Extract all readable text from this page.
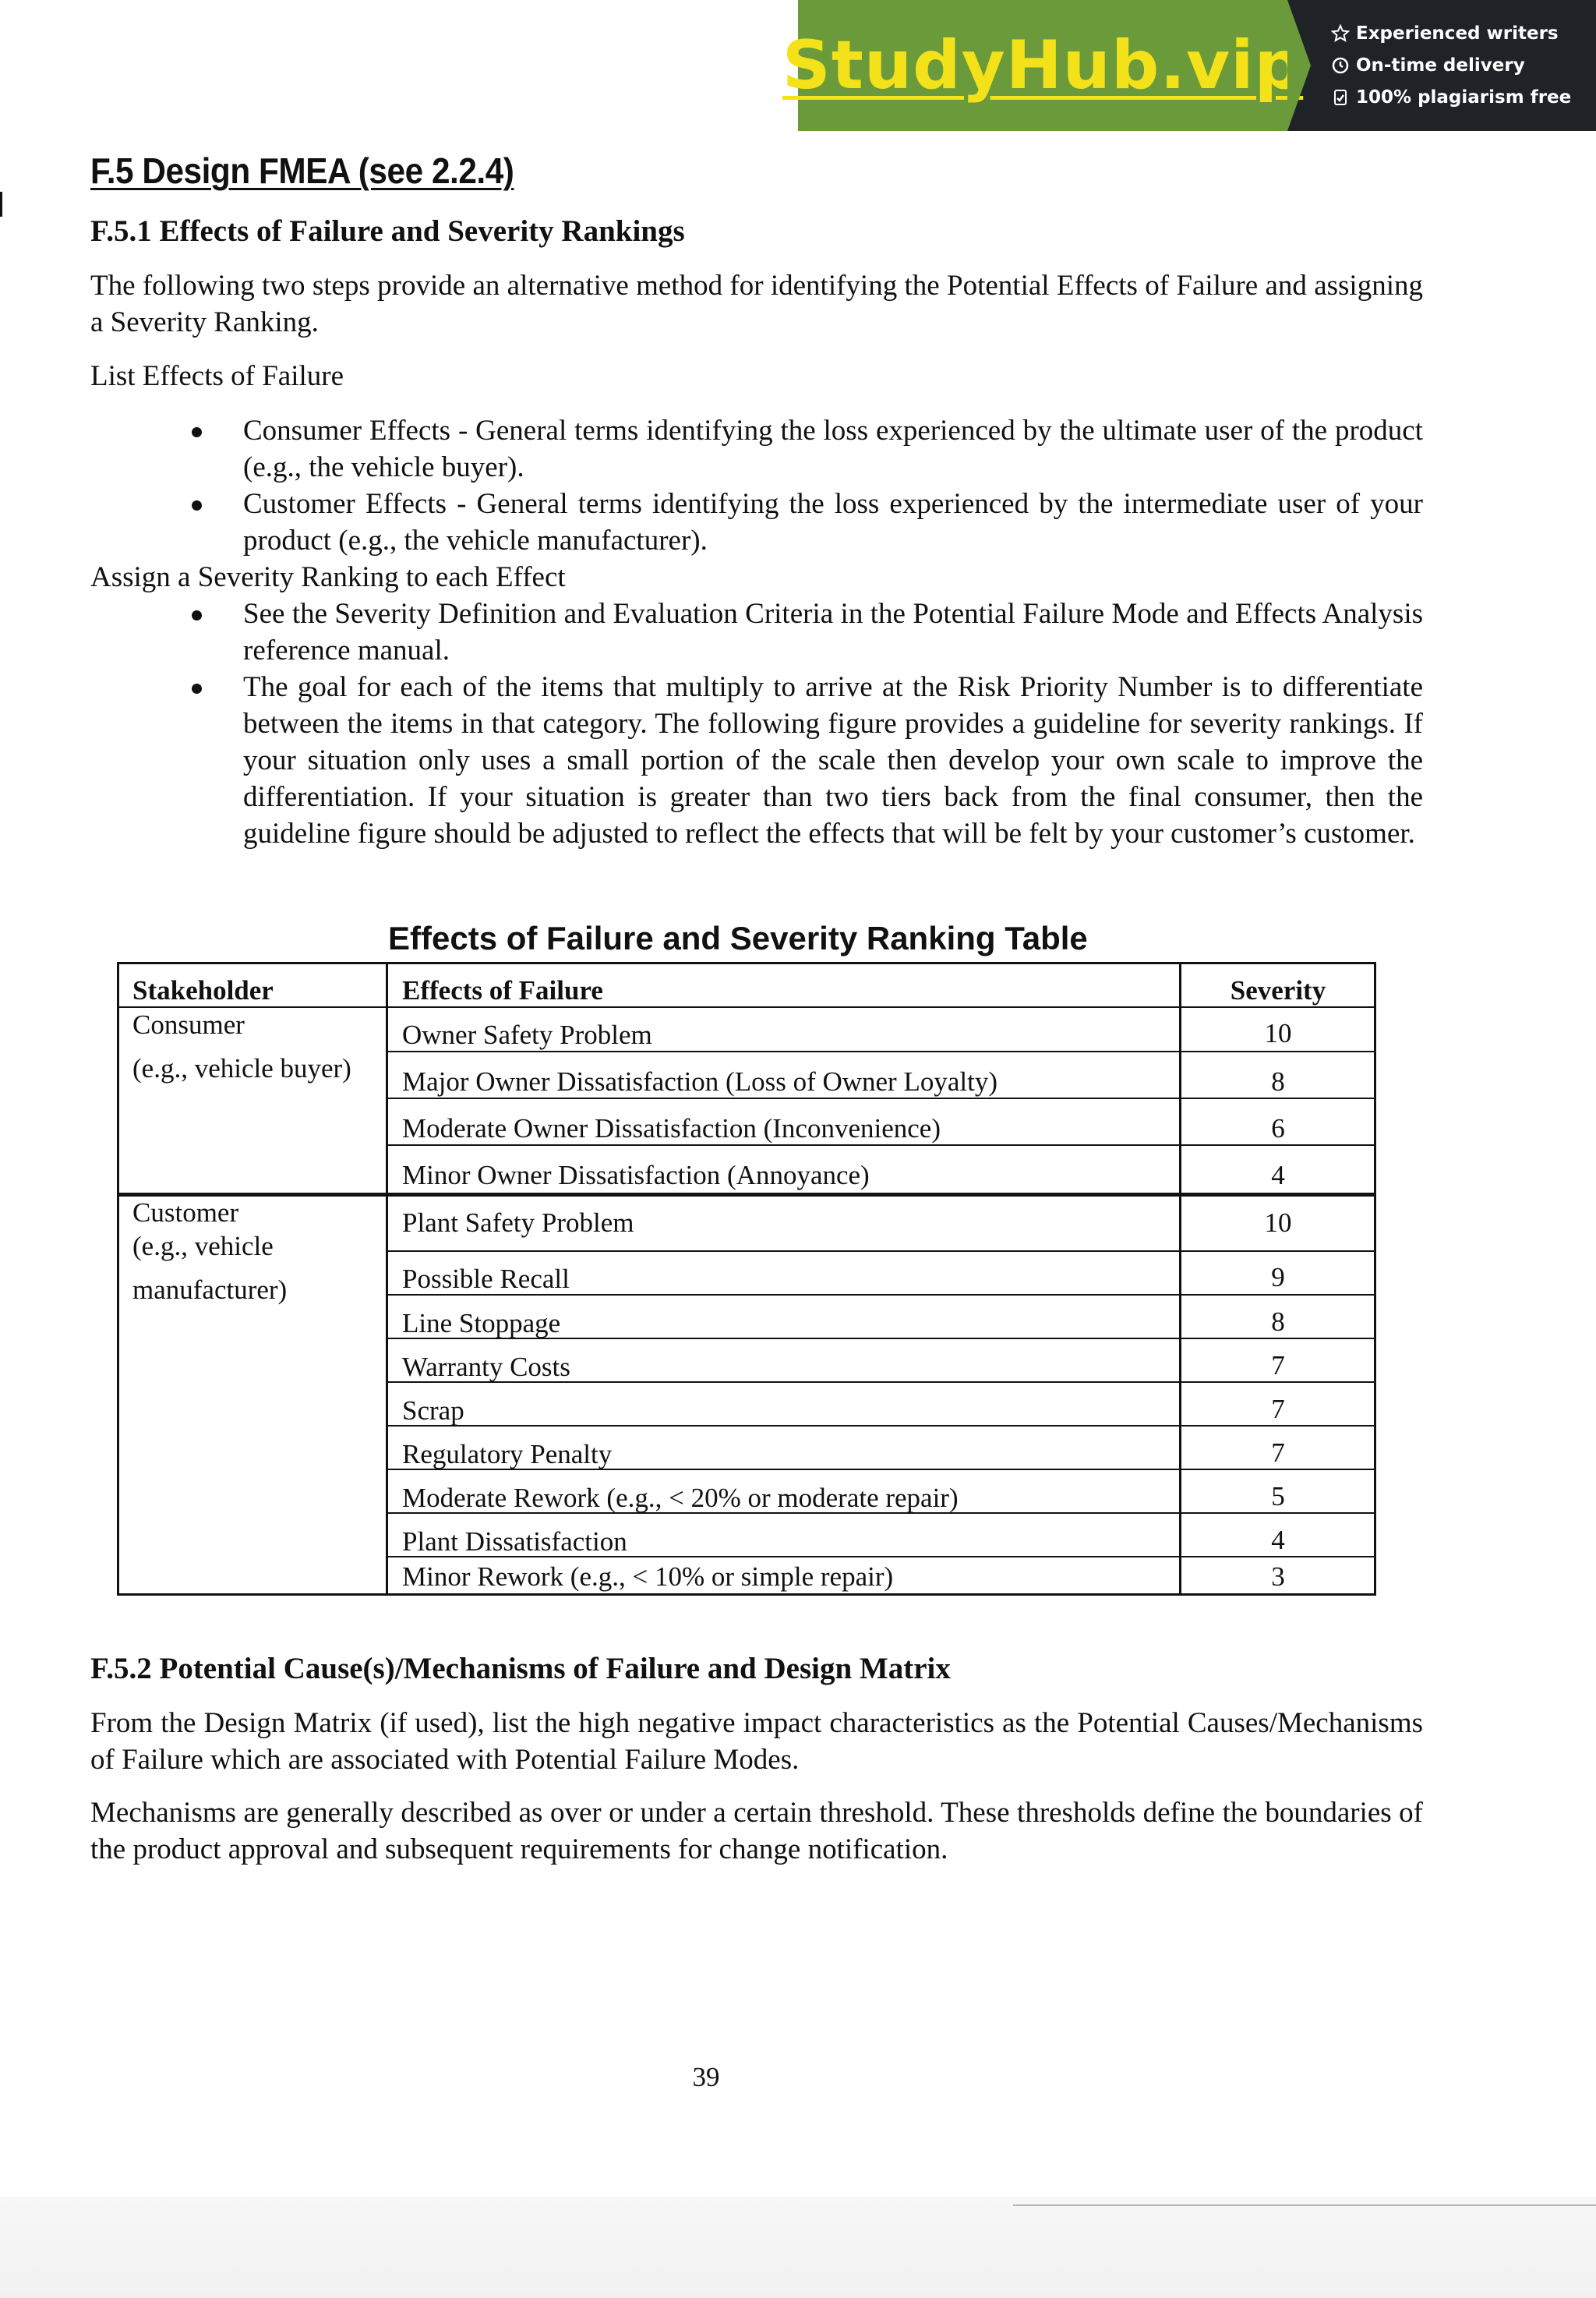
StudyHub.vip	Experienced writers
On-time delivery
100% plagiarism free
F.5 Design FMEA (see 2.2.4)
F.5.1 Effects of Failure and Severity Rankings

The following two steps provide an alternative method for identifying the Potential Effects of Failure and assigning a Severity Ranking.

List Effects of Failure

Consumer Effects - General terms identifying the loss experienced by the ultimate user of the product (e.g., the vehicle buyer).

Customer Effects - General terms identifying the loss experienced by the intermediate user of your product (e.g., the vehicle manufacturer).

Assign a Severity Ranking to each Effect

See the Severity Definition and Evaluation Criteria in the Potential Failure Mode and Effects Analysis reference manual.

The goal for each of the items that multiply to arrive at the Risk Priority Number is to differentiate between the items in that category. The following figure provides a guideline for severity rankings. If your situation only uses a small portion of the scale then develop your own scale to improve the differentiation. If your situation is greater than two tiers back from the final consumer, then the guideline figure should be adjusted to reflect the effects that will be felt by your customer’s customer.

Effects of Failure and Severity Ranking Table

Stakeholder	Effects of Failure	Severity

Consumer

(e.g., vehicle buyer)

Owner Safety Problem	10

Major Owner Dissatisfaction (Loss of Owner Loyalty)	8

Moderate Owner Dissatisfaction (Inconvenience)	6

Minor Owner Dissatisfaction (Annoyance)	4

Customer

(e.g., vehicle

manufacturer)

Plant Safety Problem	10

Possible Recall	9

Line Stoppage	8

Warranty Costs	7

Scrap	7

Regulatory Penalty	7

Moderate Rework (e.g., < 20% or moderate repair)	5

Plant Dissatisfaction	4

Minor Rework (e.g., < 10% or simple repair)	3

F.5.2 Potential Cause(s)/Mechanisms of Failure and Design Matrix

From the Design Matrix (if used), list the high negative impact characteristics as the Potential Causes/Mechanisms of Failure which are associated with Potential Failure Modes.

Mechanisms are generally described as over or under a certain threshold. These thresholds define the boundaries of the product approval and subsequent requirements for change notification.

39
